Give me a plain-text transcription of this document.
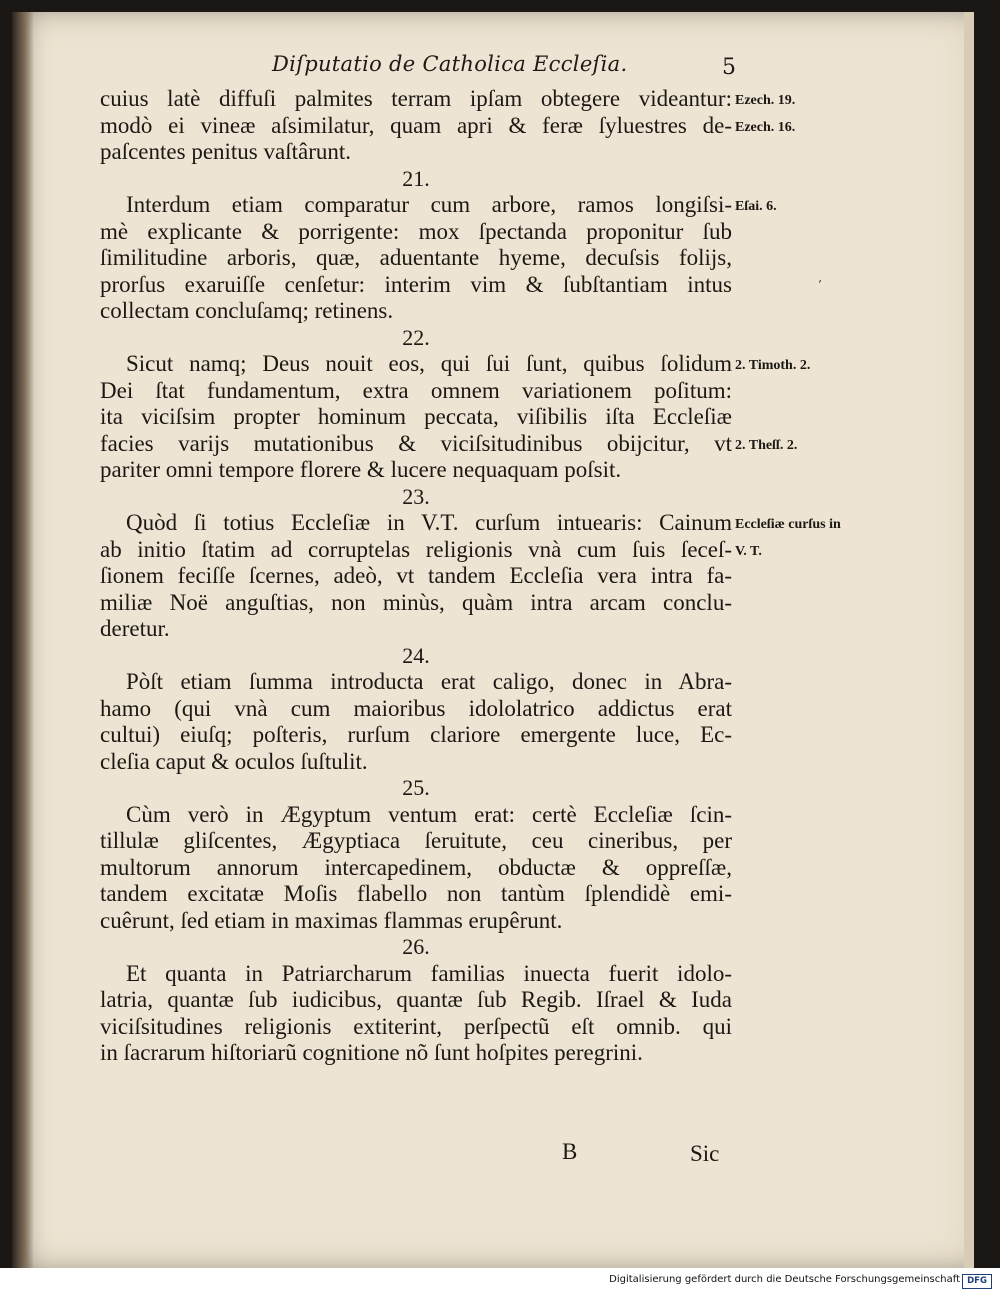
Diſputatio de Catholica Eccleſia.	5
cuius latè diffuſi palmites terram ipſam obtegere videantur:
modò ei vineæ aſsimilatur, quam apri & feræ ſyluestres de-
paſcentes penitus vaſtârunt.
21.
Interdum etiam comparatur cum arbore, ramos longiſsi-
mè explicante & porrigente: mox ſpectanda proponitur ſub
ſimilitudine arboris, quæ, aduentante hyeme, decuſsis folijs,
prorſus exaruiſſe cenſetur: interim vim & ſubſtantiam intus
collectam concluſamq; retinens.
22.
Sicut namq; Deus nouit eos, qui ſui ſunt, quibus ſolidum
Dei ſtat fundamentum, extra omnem variationem poſitum:
ita viciſsim propter hominum peccata, viſibilis iſta Eccleſiæ
facies varijs mutationibus & viciſsitudinibus obijcitur, vt
pariter omni tempore florere & lucere nequaquam poſsit.
23.
Quòd ſi totius Eccleſiæ in V.T. curſum intuearis: Cainum
ab initio ſtatim ad corruptelas religionis vnà cum ſuis ſeceſ-
ſionem feciſſe ſcernes, adeò, vt tandem Eccleſia vera intra fa-
miliæ Noë anguſtias, non minùs, quàm intra arcam conclu-
deretur.
24.
Pòſt etiam ſumma introducta erat caligo, donec in Abra-
hamo (qui vnà cum maioribus idololatrico addictus erat
cultui) eiuſq; poſteris, rurſum clariore emergente luce, Ec-
cleſia caput & oculos ſuſtulit.
25.
Cùm verò in Ægyptum ventum erat: certè Eccleſiæ ſcin-
tillulæ gliſcentes, Ægyptiaca ſeruitute, ceu cineribus, per
multorum annorum intercapedinem, obductæ & oppreſſæ,
tandem excitatæ Moſis flabello non tantùm ſplendidè emi-
cuêrunt, ſed etiam in maximas flammas erupêrunt.
26.
Et quanta in Patriarcharum familias inuecta fuerit idolo-
latria, quantæ ſub iudicibus, quantæ ſub Regib. Iſrael & Iuda
viciſsitudines religionis extiterint, perſpectũ eſt omnib. qui
in ſacrarum hiſtoriarũ cognitione nõ ſunt hoſpites peregrini.
Ezech. 19.
Ezech. 16.
Eſai. 6.
2. Timoth. 2.
2. Theſſ. 2.
Eccleſiæ curſus in
V. T.
’
B	Sic
Digitalisierung gefördert durch die Deutsche Forschungsgemeinschaft DFG
